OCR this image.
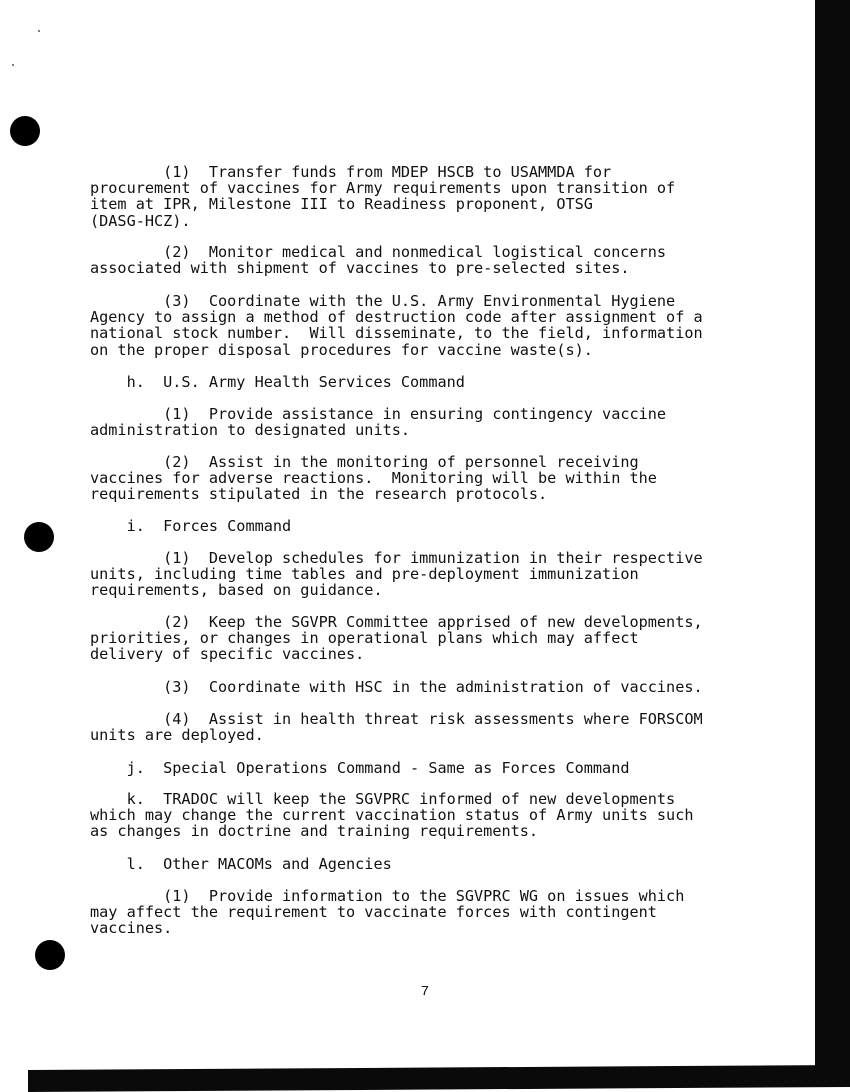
(1)  Transfer funds from MDEP HSCB to USAMMDA for
procurement of vaccines for Army requirements upon transition of
item at IPR, Milestone III to Readiness proponent, OTSG
(DASG-HCZ).
(2)  Monitor medical and nonmedical logistical concerns
associated with shipment of vaccines to pre-selected sites.
(3)  Coordinate with the U.S. Army Environmental Hygiene
Agency to assign a method of destruction code after assignment of a
national stock number.  Will disseminate, to the field, information
on the proper disposal procedures for vaccine waste(s).
h.  U.S. Army Health Services Command
(1)  Provide assistance in ensuring contingency vaccine
administration to designated units.
(2)  Assist in the monitoring of personnel receiving
vaccines for adverse reactions.  Monitoring will be within the
requirements stipulated in the research protocols.
i.  Forces Command
(1)  Develop schedules for immunization in their respective
units, including time tables and pre-deployment immunization
requirements, based on guidance.
(2)  Keep the SGVPR Committee apprised of new developments,
priorities, or changes in operational plans which may affect
delivery of specific vaccines.
(3)  Coordinate with HSC in the administration of vaccines.
(4)  Assist in health threat risk assessments where FORSCOM
units are deployed.
j.  Special Operations Command - Same as Forces Command
k.  TRADOC will keep the SGVPRC informed of new developments
which may change the current vaccination status of Army units such
as changes in doctrine and training requirements.
l.  Other MACOMs and Agencies
(1)  Provide information to the SGVPRC WG on issues which
may affect the requirement to vaccinate forces with contingent
vaccines.
7
